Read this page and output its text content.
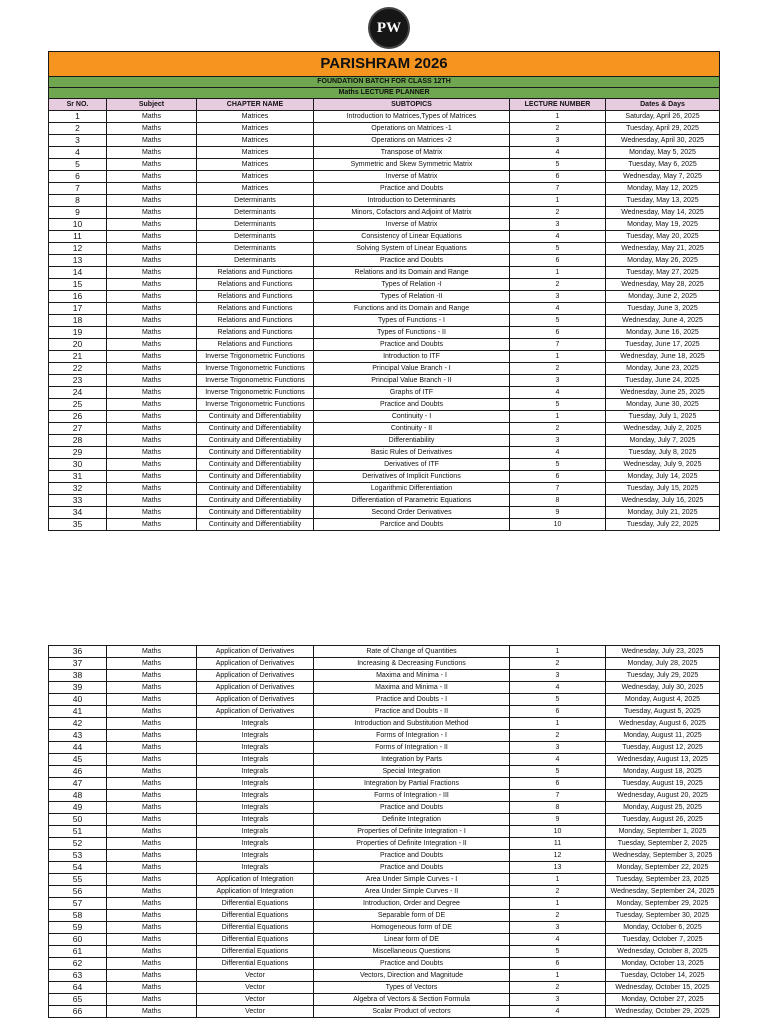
PW
PARISHRAM 2026					
FOUNDATION BATCH FOR CLASS 12TH					
Maths LECTURE PLANNER					
Sr NO.	Subject	CHAPTER NAME	SUBTOPICS	LECTURE NUMBER	Dates & Days
1	Maths	Matrices	Introduction to Matrices,Types of Matrices	1	Saturday, April 26, 2025
2	Maths	Matrices	Operations on Matrices -1	2	Tuesday, April 29, 2025
3	Maths	Matrices	Operations on Matrices -2	3	Wednesday, April 30, 2025
4	Maths	Matrices	Transpose of Matrix	4	Monday, May 5, 2025
5	Maths	Matrices	Symmetric and Skew Symmetric Matrix	5	Tuesday, May 6, 2025
6	Maths	Matrices	Inverse of Matrix	6	Wednesday, May 7, 2025
7	Maths	Matrices	Practice and Doubts	7	Monday, May 12, 2025
8	Maths	Determinants	Introduction to Determinants	1	Tuesday, May 13, 2025
9	Maths	Determinants	Minors, Cofactors and Adjoint of Matrix	2	Wednesday, May 14, 2025
10	Maths	Determinants	Inverse of Matrix	3	Monday, May 19, 2025
11	Maths	Determinants	Consistency of Linear Equations	4	Tuesday, May 20, 2025
12	Maths	Determinants	Solving System of Linear Equations	5	Wednesday, May 21, 2025
13	Maths	Determinants	Practice and Doubts	6	Monday, May 26, 2025
14	Maths	Relations and Functions	Relations and its Domain and Range	1	Tuesday, May 27, 2025
15	Maths	Relations and Functions	Types of Relation -I	2	Wednesday, May 28, 2025
16	Maths	Relations and Functions	Types of Relation -II	3	Monday, June 2, 2025
17	Maths	Relations and Functions	Functions and its Domain and Range	4	Tuesday, June 3, 2025
18	Maths	Relations and Functions	Types of Functions - I	5	Wednesday, June 4, 2025
19	Maths	Relations and Functions	Types of Functions - II	6	Monday, June 16, 2025
20	Maths	Relations and Functions	Practice and Doubts	7	Tuesday, June 17, 2025
21	Maths	Inverse Trigonometric Functions	Introduction to ITF	1	Wednesday, June 18, 2025
22	Maths	Inverse Trigonometric Functions	Principal Value Branch - I	2	Monday, June 23, 2025
23	Maths	Inverse Trigonometric Functions	Principal Value Branch - II	3	Tuesday, June 24, 2025
24	Maths	Inverse Trigonometric Functions	Graphs of ITF	4	Wednesday, June 25, 2025
25	Maths	Inverse Trigonometric Functions	Practice and Doubts	5	Monday, June 30, 2025
26	Maths	Continuity and Differentiability	Continuity - I	1	Tuesday, July 1, 2025
27	Maths	Continuity and Differentiability	Continuity - II	2	Wednesday, July 2, 2025
28	Maths	Continuity and Differentiability	Differentiability	3	Monday, July 7, 2025
29	Maths	Continuity and Differentiability	Basic Rules of Derivatives	4	Tuesday, July 8, 2025
30	Maths	Continuity and Differentiability	Derivatives of ITF	5	Wednesday, July 9, 2025
31	Maths	Continuity and Differentiability	Derivatives of Implicit Functions	6	Monday, July 14, 2025
32	Maths	Continuity and Differentiability	Logarithmic Differentiation	7	Tuesday, July 15, 2025
33	Maths	Continuity and Differentiability	Differentiation of Parametric Equations	8	Wednesday, July 16, 2025
34	Maths	Continuity and Differentiability	Second Order Derivatives	9	Monday, July 21, 2025
35	Maths	Continuity and Differentiability	Parctice and Doubts	10	Tuesday, July 22, 2025
36	Maths	Application of Derivatives	Rate of Change of Quantities	1	Wednesday, July 23, 2025
37	Maths	Application of Derivatives	Increasing & Decreasing Functions	2	Monday, July 28, 2025
38	Maths	Application of Derivatives	Maxima and Minima - I	3	Tuesday, July 29, 2025
39	Maths	Application of Derivatives	Maxima and Minima - II	4	Wednesday, July 30, 2025
40	Maths	Application of Derivatives	Practice and Doubts - I	5	Monday, August 4, 2025
41	Maths	Application of Derivatives	Practice and Doubts - II	6	Tuesday, August 5, 2025
42	Maths	Integrals	Introduction and Substitution Method	1	Wednesday, August 6, 2025
43	Maths	Integrals	Forms of Integration - I	2	Monday, August 11, 2025
44	Maths	Integrals	Forms of Integration - II	3	Tuesday, August 12, 2025
45	Maths	Integrals	Integration by Parts	4	Wednesday, August 13, 2025
46	Maths	Integrals	Special Integration	5	Monday, August 18, 2025
47	Maths	Integrals	Integration by Partial Fractions	6	Tuesday, August 19, 2025
48	Maths	Integrals	Forms of Integration - III	7	Wednesday, August 20, 2025
49	Maths	Integrals	Practice and Doubts	8	Monday, August 25, 2025
50	Maths	Integrals	Definite Integration	9	Tuesday, August 26, 2025
51	Maths	Integrals	Properties of Definite Integration - I	10	Monday, September 1, 2025
52	Maths	Integrals	Properties of Definite Integration - II	11	Tuesday, September 2, 2025
53	Maths	Integrals	Practice and Doubts	12	Wednesday, September 3, 2025
54	Maths	Integrals	Practice and Doubts	13	Monday, September 22, 2025
55	Maths	Application of Integration	Area Under Simple Curves - I	1	Tuesday, September 23, 2025
56	Maths	Application of Integration	Area Under Simple Curves - II	2	Wednesday, September 24, 2025
57	Maths	Differential Equations	Introduction, Order and Degree	1	Monday, September 29, 2025
58	Maths	Differential Equations	Separable form of DE	2	Tuesday, September 30, 2025
59	Maths	Differential Equations	Homogeneous form of DE	3	Monday, October 6, 2025
60	Maths	Differential Equations	Linear form of DE	4	Tuesday, October 7, 2025
61	Maths	Differential Equations	Miscellaneous Questions	5	Wednesday, October 8, 2025
62	Maths	Differential Equations	Practice and Doubts	6	Monday, October 13, 2025
63	Maths	Vector	Vectors, Direction and Magnitude	1	Tuesday, October 14, 2025
64	Maths	Vector	Types of Vectors	2	Wednesday, October 15, 2025
65	Maths	Vector	Algebra of Vectors & Section Formula	3	Monday, October 27, 2025
66	Maths	Vector	Scalar Product of vectors	4	Wednesday, October 29, 2025
